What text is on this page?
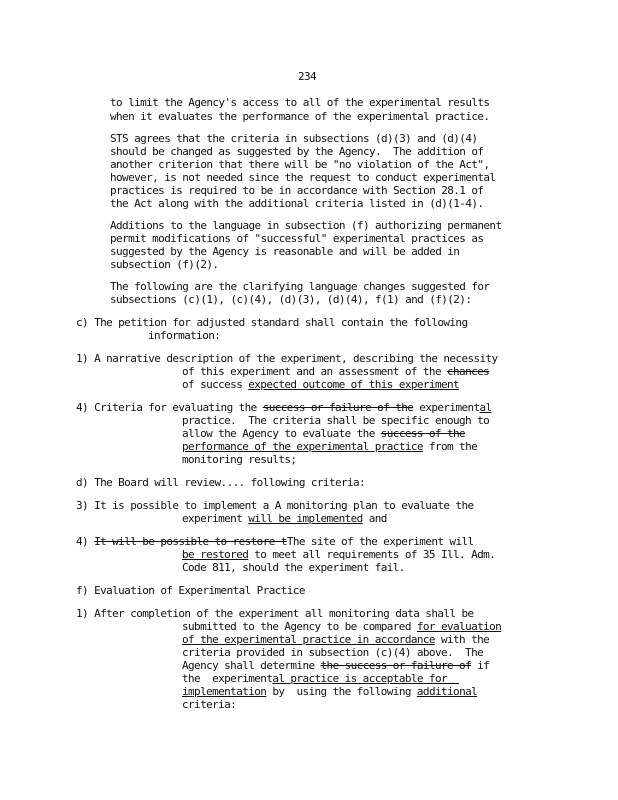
234
to limit the Agency's access to all of the experimental results
when it evaluates the performance of the experimental practice.
STS agrees that the criteria in subsections (d)(3) and (d)(4)
should be changed as suggested by the Agency.  The addition of
another criterion that there will be "no violation of the Act",
however, is not needed since the request to conduct experimental
practices is required to be in accordance with Section 28.1 of
the Act along with the additional criteria listed in (d)(1-4).
Additions to the language in subsection (f) authorizing permanent
permit modifications of "successful" experimental practices as
suggested by the Agency is reasonable and will be added in
subsection (f)(2).
The following are the clarifying language changes suggested for
subsections (c)(1), (c)(4), (d)(3), (d)(4), f(1) and (f)(2):
c) The petition for adjusted standard shall contain the following
information:
1) A narrative description of the experiment, describing the necessity
of this experiment and an assessment of the chances
of success expected outcome of this experiment
4) Criteria for evaluating the success or failure of the experimental
practice.  The criteria shall be specific enough to
allow the Agency to evaluate the success of the
performance of the experimental practice from the
monitoring results;
d) The Board will review.... following criteria:
3) It is possible to implement a A monitoring plan to evaluate the
experiment will be implemented and
4) It will be possible to restore tThe site of the experiment will
be restored to meet all requirements of 35 Ill. Adm.
Code 811, should the experiment fail.
f) Evaluation of Experimental Practice
1) After completion of the experiment all monitoring data shall be
submitted to the Agency to be compared for evaluation
of the experimental practice in accordance with the
criteria provided in subsection (c)(4) above.  The
Agency shall determine the success or failure of if
the  experimental practice is acceptable for
implementation by  using the following additional
criteria:
